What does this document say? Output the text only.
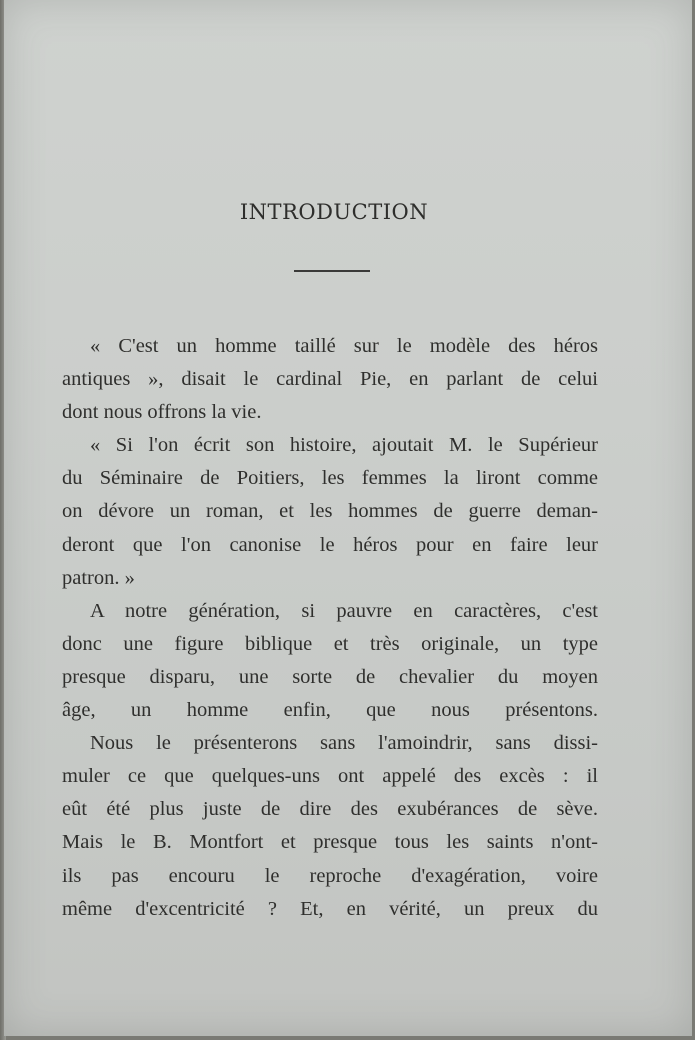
INTRODUCTION

« C'est un homme taillé sur le modèle des héros
antiques », disait le cardinal Pie, en parlant de celui
dont nous offrons la vie.

« Si l'on écrit son histoire, ajoutait M. le Supérieur
du Séminaire de Poitiers, les femmes la liront comme
on dévore un roman, et les hommes de guerre deman-
deront que l'on canonise le héros pour en faire leur
patron. »

A notre génération, si pauvre en caractères, c'est
donc une figure biblique et très originale, un type
presque disparu, une sorte de chevalier du moyen
âge, un homme enfin, que nous présentons.

Nous le présenterons sans l'amoindrir, sans dissi-
muler ce que quelques-uns ont appelé des excès : il
eût été plus juste de dire des exubérances de sève.
Mais le B. Montfort et presque tous les saints n'ont-
ils pas encouru le reproche d'exagération, voire
même d'excentricité ? Et, en vérité, un preux du
